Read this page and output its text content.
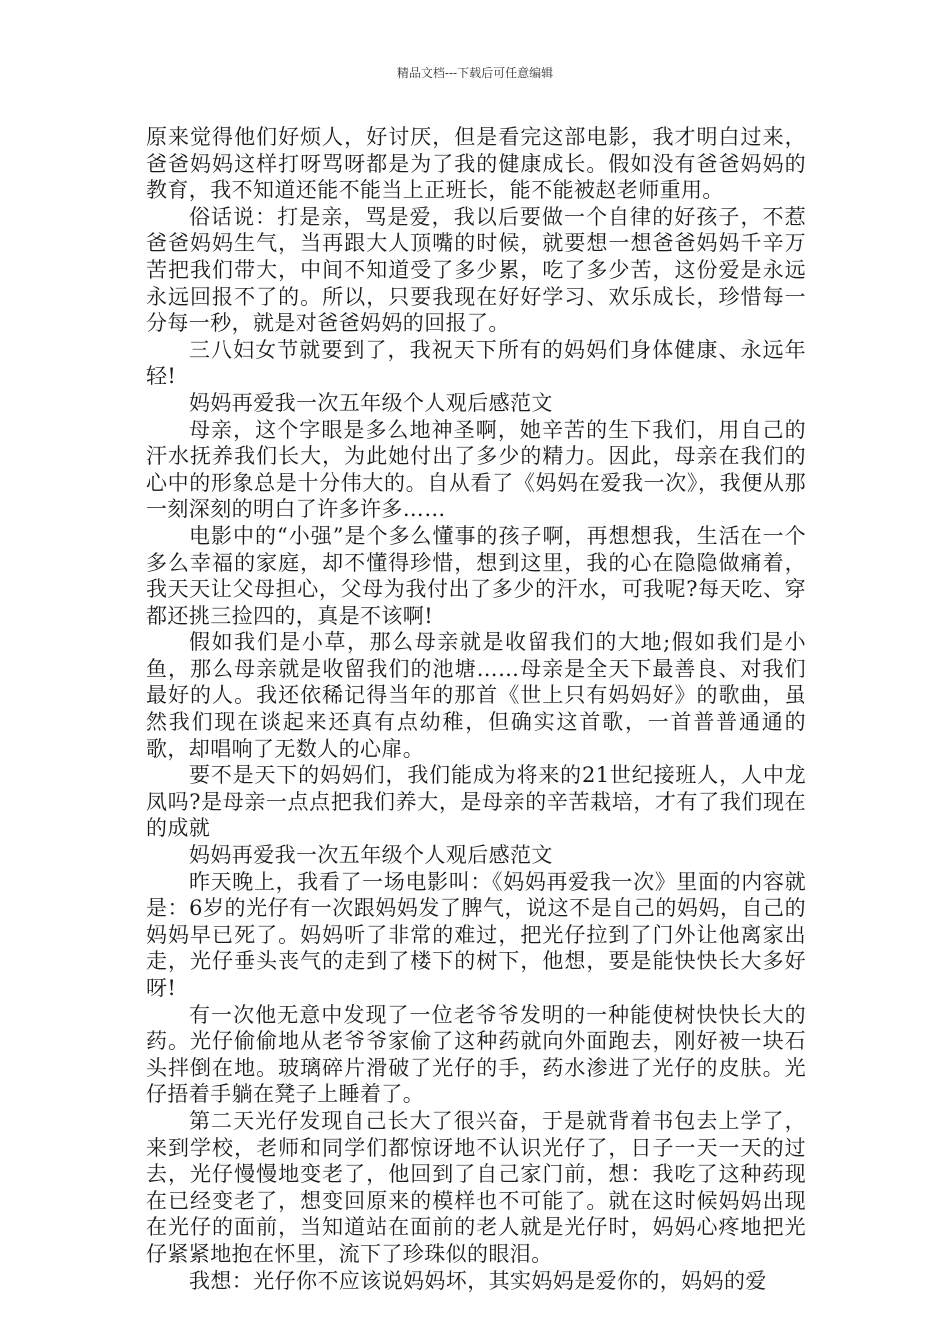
精品文档---下载后可任意编辑

原来觉得他们好烦人，好讨厌，但是看完这部电影，我才明白过来，爸爸妈妈这样打呀骂呀都是为了我的健康成长。假如没有爸爸妈妈的教育，我不知道还能不能当上正班长，能不能被赵老师重用。

俗话说：打是亲，骂是爱，我以后要做一个自律的好孩子，不惹爸爸妈妈生气，当再跟大人顶嘴的时候，就要想一想爸爸妈妈千辛万苦把我们带大，中间不知道受了多少累，吃了多少苦，这份爱是永远永远回报不了的。所以，只要我现在好好学习、欢乐成长，珍惜每一分每一秒，就是对爸爸妈妈的回报了。

三八妇女节就要到了，我祝天下所有的妈妈们身体健康、永远年轻!

妈妈再爱我一次五年级个人观后感范文

母亲，这个字眼是多么地神圣啊，她辛苦的生下我们，用自己的汗水抚养我们长大，为此她付出了多少的精力。因此，母亲在我们的心中的形象总是十分伟大的。自从看了《妈妈在爱我一次》，我便从那一刻深刻的明白了许多许多……

电影中的“小强”是个多么懂事的孩子啊，再想想我，生活在一个多么幸福的家庭，却不懂得珍惜，想到这里，我的心在隐隐做痛着，我天天让父母担心，父母为我付出了多少的汗水，可我呢?每天吃、穿都还挑三捡四的，真是不该啊!

假如我们是小草，那么母亲就是收留我们的大地;假如我们是小鱼，那么母亲就是收留我们的池塘……母亲是全天下最善良、对我们最好的人。我还依稀记得当年的那首《世上只有妈妈好》的歌曲，虽然我们现在谈起来还真有点幼稚，但确实这首歌，一首普普通通的歌，却唱响了无数人的心扉。

要不是天下的妈妈们，我们能成为将来的21世纪接班人，人中龙凤吗?是母亲一点点把我们养大，是母亲的辛苦栽培，才有了我们现在的成就

妈妈再爱我一次五年级个人观后感范文

昨天晚上，我看了一场电影叫：《妈妈再爱我一次》里面的内容就是：6岁的光仔有一次跟妈妈发了脾气，说这不是自己的妈妈，自己的妈妈早已死了。妈妈听了非常的难过，把光仔拉到了门外让他离家出走，光仔垂头丧气的走到了楼下的树下，他想，要是能快快长大多好呀!

有一次他无意中发现了一位老爷爷发明的一种能使树快快长大的药。光仔偷偷地从老爷爷家偷了这种药就向外面跑去，刚好被一块石头拌倒在地。玻璃碎片滑破了光仔的手，药水渗进了光仔的皮肤。光仔捂着手躺在凳子上睡着了。

第二天光仔发现自己长大了很兴奋，于是就背着书包去上学了，来到学校，老师和同学们都惊讶地不认识光仔了，日子一天一天的过去，光仔慢慢地变老了，他回到了自己家门前，想：我吃了这种药现在已经变老了，想变回原来的模样也不可能了。就在这时候妈妈出现在光仔的面前，当知道站在面前的老人就是光仔时，妈妈心疼地把光仔紧紧地抱在怀里，流下了珍珠似的眼泪。

我想：光仔你不应该说妈妈坏，其实妈妈是爱你的，妈妈的爱
